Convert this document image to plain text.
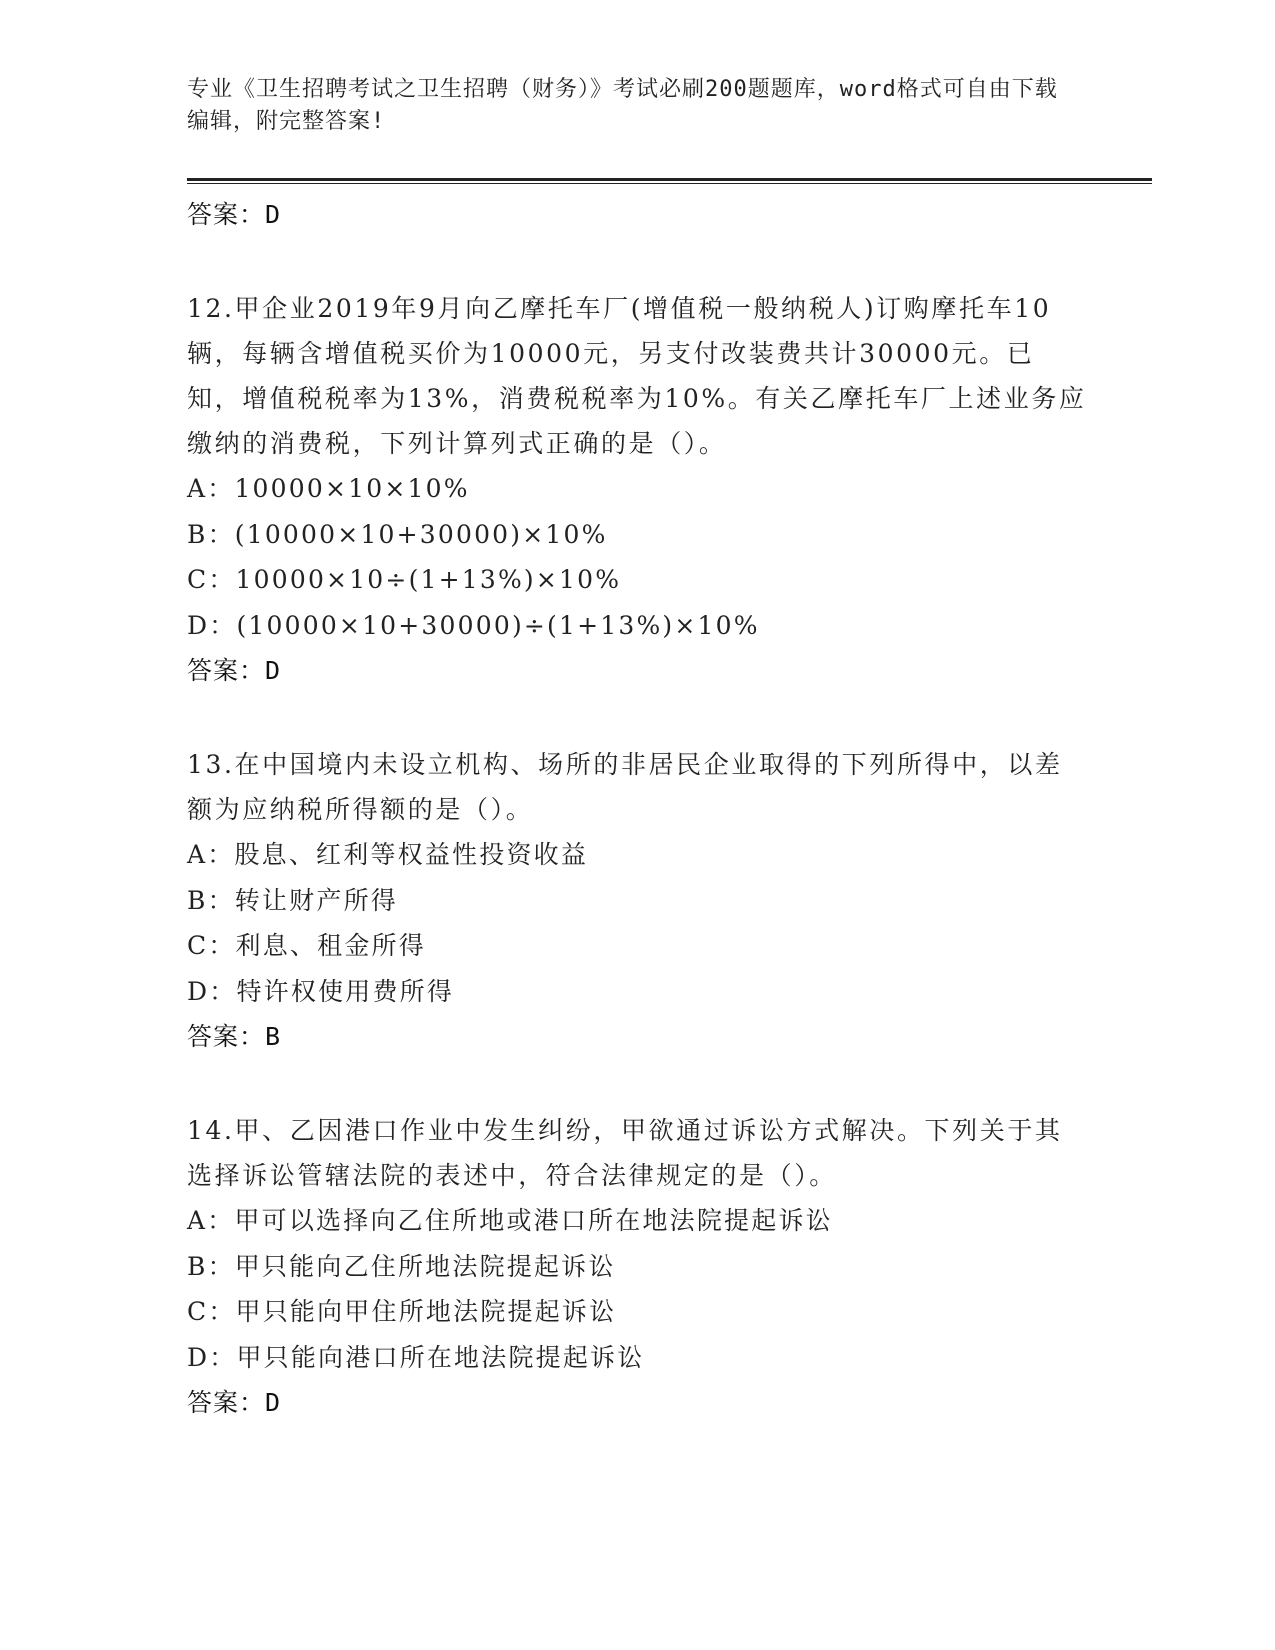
专业《卫生招聘考试之卫生招聘（财务）》考试必刷200题题库，word格式可自由下载编辑，附完整答案!
答案：D
12.甲企业2019年9月向乙摩托车厂(增值税一般纳税人)订购摩托车10辆，每辆含增值税买价为10000元，另支付改装费共计30000元。已知，增值税税率为13%，消费税税率为10%。有关乙摩托车厂上述业务应缴纳的消费税，下列计算列式正确的是（）。
A：10000×10×10%
B：(10000×10+30000)×10%
C：10000×10÷(1+13%)×10%
D：(10000×10+30000)÷(1+13%)×10%
答案：D
13.在中国境内未设立机构、场所的非居民企业取得的下列所得中，以差额为应纳税所得额的是（）。
A：股息、红利等权益性投资收益
B：转让财产所得
C：利息、租金所得
D：特许权使用费所得
答案：B
14.甲、乙因港口作业中发生纠纷，甲欲通过诉讼方式解决。下列关于其选择诉讼管辖法院的表述中，符合法律规定的是（）。
A：甲可以选择向乙住所地或港口所在地法院提起诉讼
B：甲只能向乙住所地法院提起诉讼
C：甲只能向甲住所地法院提起诉讼
D：甲只能向港口所在地法院提起诉讼
答案：D
